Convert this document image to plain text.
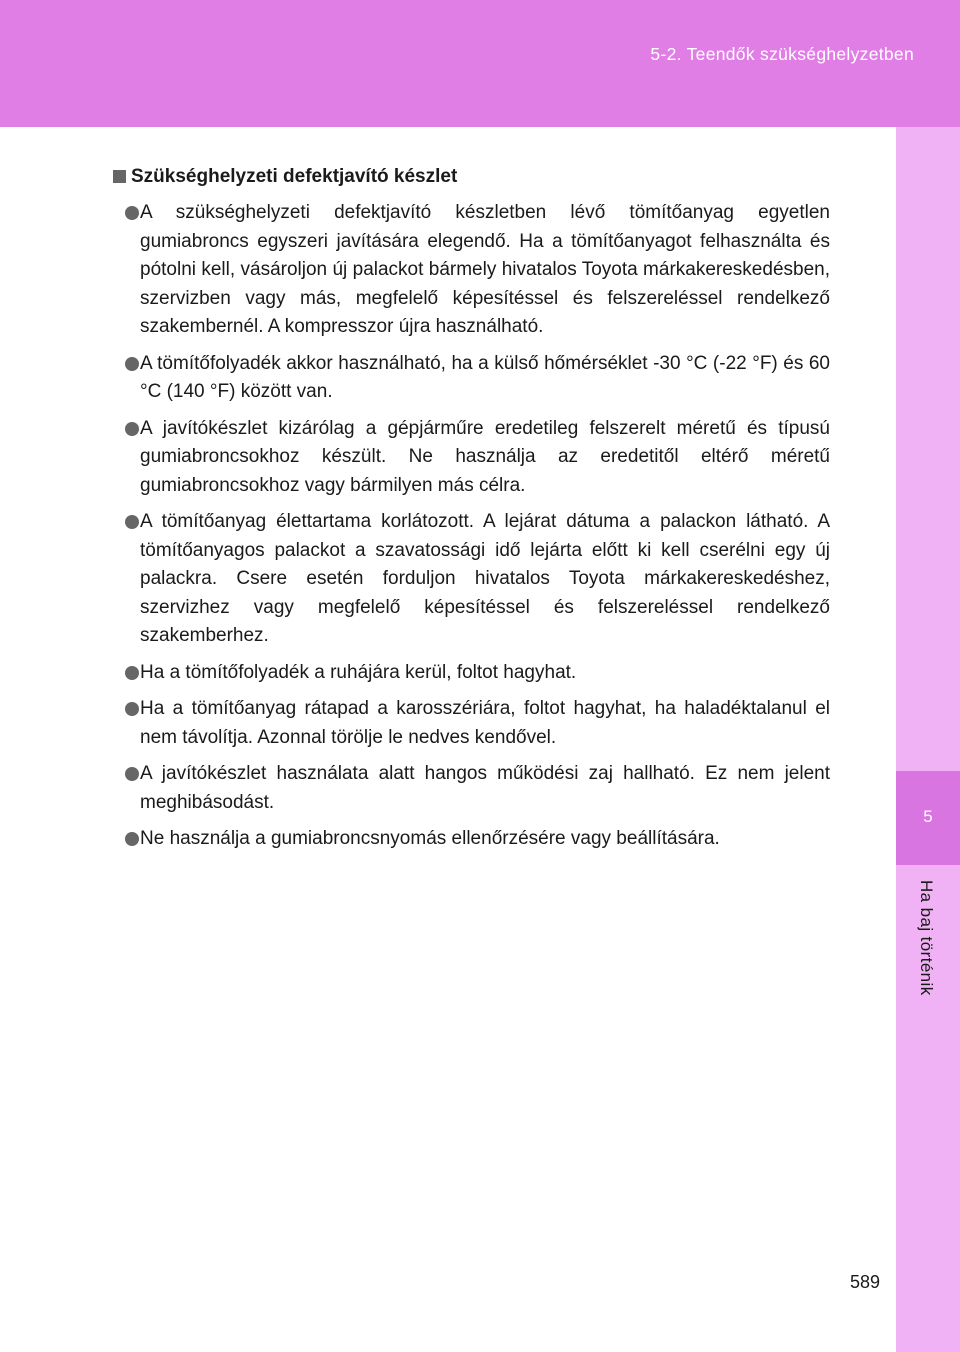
5-2. Teendők szükséghelyzetben
5
Ha baj történik
Szükséghelyzeti defektjavító készlet
A szükséghelyzeti defektjavító készletben lévő tömítőanyag egyetlen gumiabroncs egyszeri javítására elegendő. Ha a tömítőanyagot felhasználta és pótolni kell, vásároljon új palackot bármely hivatalos Toyota márkakereskedésben, szervizben vagy más, megfelelő képesítéssel és felszereléssel rendelkező szakembernél. A kompresszor újra használható.
A tömítőfolyadék akkor használható, ha a külső hőmérséklet -30 °C (-22 °F) és 60 °C (140 °F) között van.
A javítókészlet kizárólag a gépjárműre eredetileg felszerelt méretű és típusú gumiabroncsokhoz készült. Ne használja az eredetitől eltérő méretű gumiabroncsokhoz vagy bármilyen más célra.
A tömítőanyag élettartama korlátozott. A lejárat dátuma a palackon látható. A tömítőanyagos palackot a szavatossági idő lejárta előtt ki kell cserélni egy új palackra. Csere esetén forduljon hivatalos Toyota márkakereskedéshez, szervizhez vagy megfelelő képesítéssel és felszereléssel rendelkező szakemberhez.
Ha a tömítőfolyadék a ruhájára kerül, foltot hagyhat.
Ha a tömítőanyag rátapad a karosszériára, foltot hagyhat, ha haladéktalanul el nem távolítja. Azonnal törölje le nedves kendővel.
A javítókészlet használata alatt hangos működési zaj hallható. Ez nem jelent meghibásodást.
Ne használja a gumiabroncsnyomás ellenőrzésére vagy beállítására.
589
